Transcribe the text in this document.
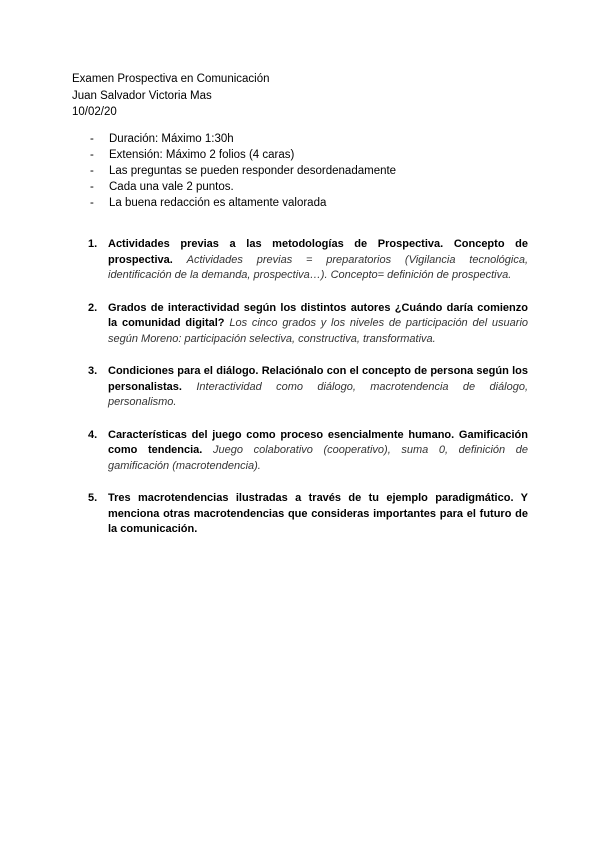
Examen Prospectiva en Comunicación
Juan Salvador Victoria Mas
10/02/20
- Duración: Máximo 1:30h
- Extensión: Máximo 2 folios (4 caras)
- Las preguntas se pueden responder desordenadamente
- Cada una vale 2 puntos.
- La buena redacción es altamente valorada
1. Actividades previas a las metodologías de Prospectiva. Concepto de prospectiva. Actividades previas = preparatorios (Vigilancia tecnológica, identificación de la demanda, prospectiva…). Concepto= definición de prospectiva.
2. Grados de interactividad según los distintos autores ¿Cuándo daría comienzo la comunidad digital? Los cinco grados y los niveles de participación del usuario según Moreno: participación selectiva, constructiva, transformativa.
3. Condiciones para el diálogo. Relaciónalo con el concepto de persona según los personalistas. Interactividad como diálogo, macrotendencia de diálogo, personalismo.
4. Características del juego como proceso esencialmente humano. Gamificación como tendencia. Juego colaborativo (cooperativo), suma 0, definición de gamificación (macrotendencia).
5. Tres macrotendencias ilustradas a través de tu ejemplo paradigmático. Y menciona otras macrotendencias que consideras importantes para el futuro de la comunicación.
